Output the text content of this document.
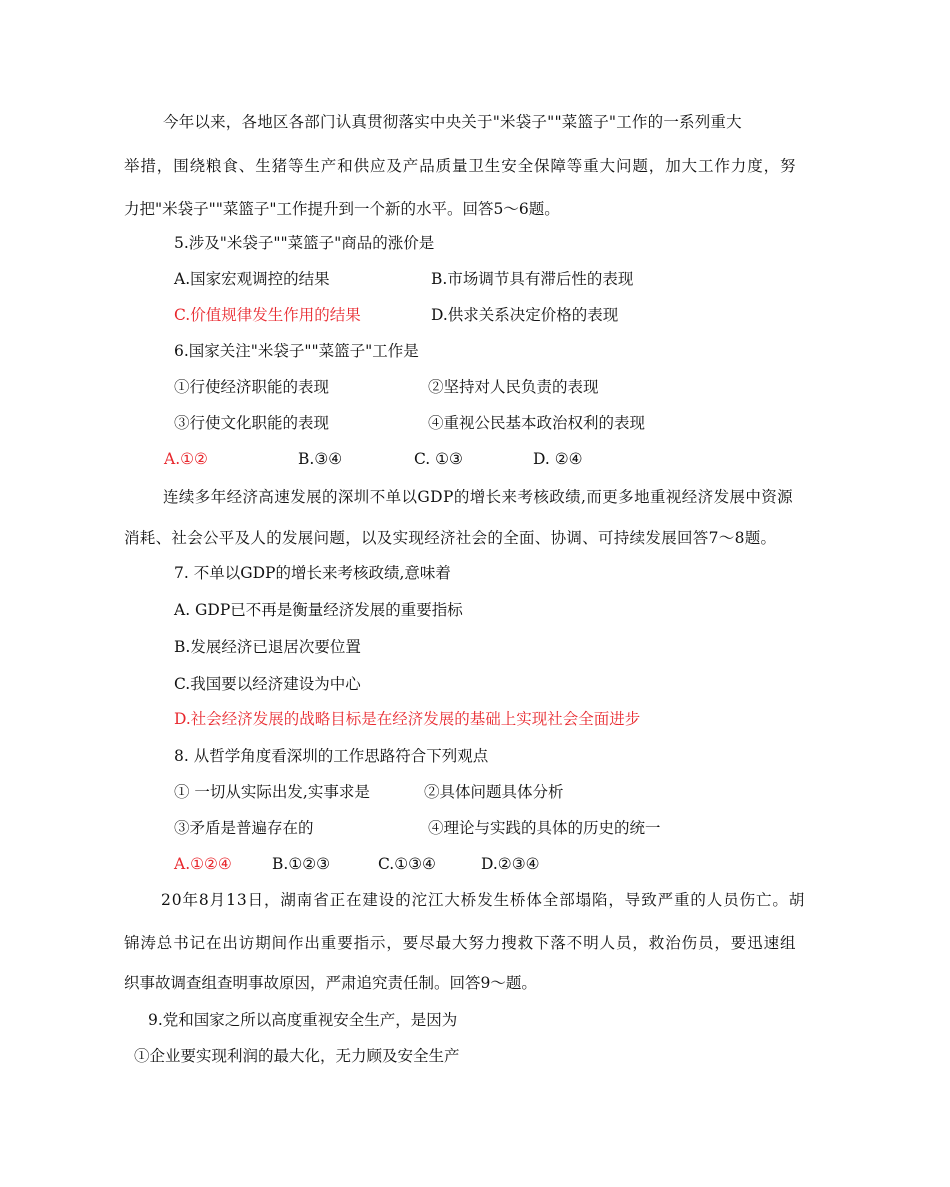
今年以来，各地区各部门认真贯彻落实中央关于"米袋子""菜篮子"工作的一系列重大
举措，围绕粮食、生猪等生产和供应及产品质量卫生安全保障等重大问题，加大工作力度，努
力把"米袋子""菜篮子"工作提升到一个新的水平。回答5～6题。
5.涉及"米袋子""菜篮子"商品的涨价是
A.国家宏观调控的结果	B.市场调节具有滞后性的表现
C.价值规律发生作用的结果	D.供求关系决定价格的表现
6.国家关注"米袋子""菜篮子"工作是
①行使经济职能的表现	②坚持对人民负责的表现
③行使文化职能的表现	④重视公民基本政治权利的表现
A.①②	B.③④	C. ①③	D. ②④
连续多年经济高速发展的深圳不单以GDP的增长来考核政绩,而更多地重视经济发展中资源
消耗、社会公平及人的发展问题，以及实现经济社会的全面、协调、可持续发展回答7～8题。
7. 不单以GDP的增长来考核政绩,意味着
A. GDP已不再是衡量经济发展的重要指标
B.发展经济已退居次要位置
C.我国要以经济建设为中心
D.社会经济发展的战略目标是在经济发展的基础上实现社会全面进步
8. 从哲学角度看深圳的工作思路符合下列观点
① 一切从实际出发,实事求是	②具体问题具体分析
③矛盾是普遍存在的	④理论与实践的具体的历史的统一
A.①②④	B.①②③	C.①③④	D.②③④
20年8月13日，湖南省正在建设的沱江大桥发生桥体全部塌陷，导致严重的人员伤亡。胡
锦涛总书记在出访期间作出重要指示，要尽最大努力搜救下落不明人员，救治伤员，要迅速组
织事故调查组查明事故原因，严肃追究责任制。回答9～题。
9.党和国家之所以高度重视安全生产，是因为
①企业要实现利润的最大化，无力顾及安全生产
